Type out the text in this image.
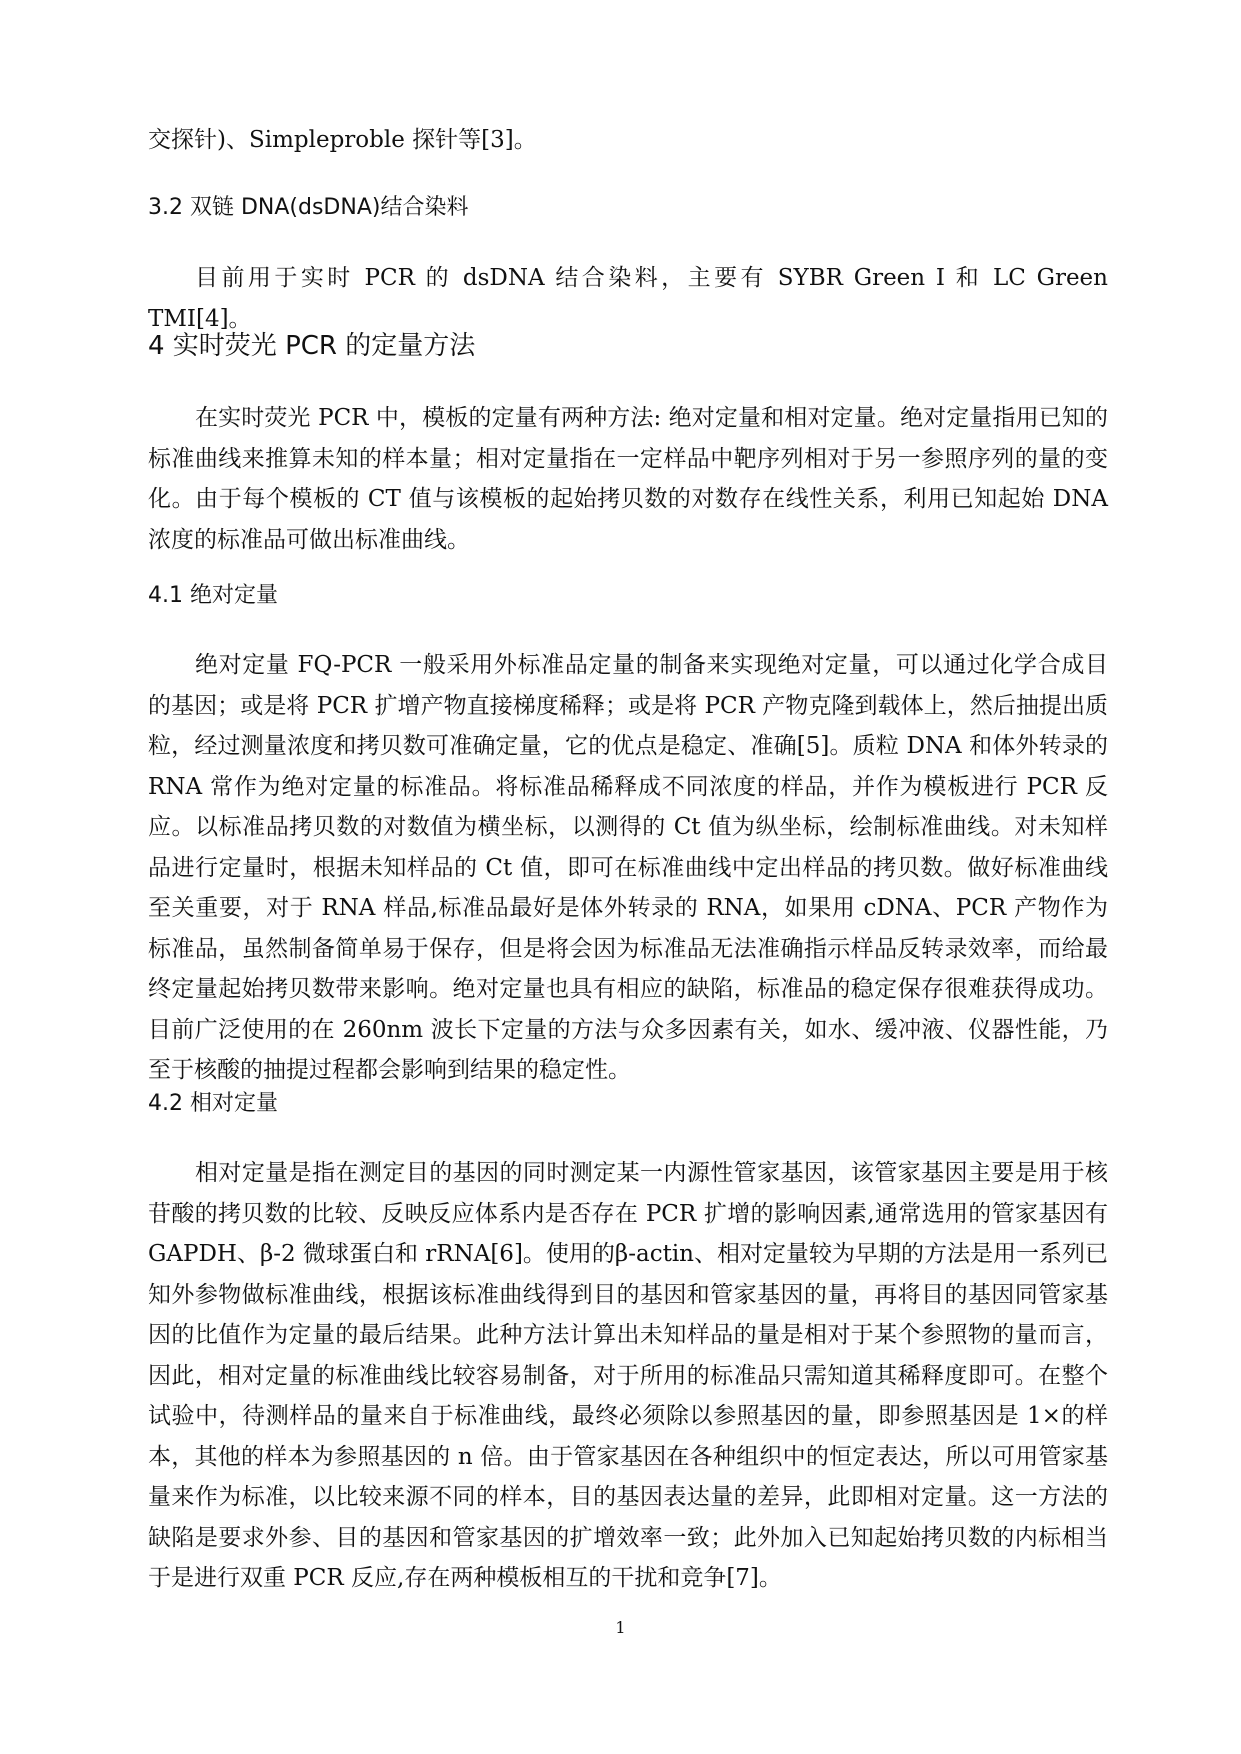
交探针)、Simpleproble 探针等[3]。
3.2 双链 DNA(dsDNA)结合染料
目前用于实时 PCR 的 dsDNA 结合染料，主要有 SYBR Green I 和 LC Green TMI[4]。
4 实时荧光 PCR 的定量方法
在实时荧光 PCR 中，模板的定量有两种方法: 绝对定量和相对定量。绝对定量指用已知的标准曲线来推算未知的样本量；相对定量指在一定样品中靶序列相对于另一参照序列的量的变化。由于每个模板的 CT 值与该模板的起始拷贝数的对数存在线性关系，利用已知起始 DNA 浓度的标准品可做出标准曲线。
4.1 绝对定量
绝对定量 FQ-PCR 一般采用外标准品定量的制备来实现绝对定量，可以通过化学合成目的基因；或是将 PCR 扩增产物直接梯度稀释；或是将 PCR 产物克隆到载体上，然后抽提出质粒，经过测量浓度和拷贝数可准确定量，它的优点是稳定、准确[5]。质粒 DNA 和体外转录的 RNA 常作为绝对定量的标准品。将标准品稀释成不同浓度的样品，并作为模板进行 PCR 反应。以标准品拷贝数的对数值为横坐标，以测得的 Ct 值为纵坐标，绘制标准曲线。对未知样品进行定量时，根据未知样品的 Ct 值，即可在标准曲线中定出样品的拷贝数。做好标准曲线至关重要，对于 RNA 样品,标准品最好是体外转录的 RNA，如果用 cDNA、PCR 产物作为标准品，虽然制备简单易于保存，但是将会因为标准品无法准确指示样品反转录效率，而给最终定量起始拷贝数带来影响。绝对定量也具有相应的缺陷，标准品的稳定保存很难获得成功。目前广泛使用的在 260nm 波长下定量的方法与众多因素有关，如水、缓冲液、仪器性能，乃至于核酸的抽提过程都会影响到结果的稳定性。
4.2 相对定量
相对定量是指在测定目的基因的同时测定某一内源性管家基因，该管家基因主要是用于核苷酸的拷贝数的比较、反映反应体系内是否存在 PCR 扩增的影响因素,通常选用的管家基因有 GAPDH、β-2 微球蛋白和 rRNA[6]。使用的β-actin、相对定量较为早期的方法是用一系列已知外参物做标准曲线，根据该标准曲线得到目的基因和管家基因的量，再将目的基因同管家基因的比值作为定量的最后结果。此种方法计算出未知样品的量是相对于某个参照物的量而言，因此，相对定量的标准曲线比较容易制备，对于所用的标准品只需知道其稀释度即可。在整个试验中，待测样品的量来自于标准曲线，最终必须除以参照基因的量，即参照基因是 1×的样本，其他的样本为参照基因的 n 倍。由于管家基因在各种组织中的恒定表达，所以可用管家基量来作为标准，以比较来源不同的样本，目的基因表达量的差异，此即相对定量。这一方法的缺陷是要求外参、目的基因和管家基因的扩增效率一致；此外加入已知起始拷贝数的内标相当于是进行双重 PCR 反应,存在两种模板相互的干扰和竞争[7]。
1
